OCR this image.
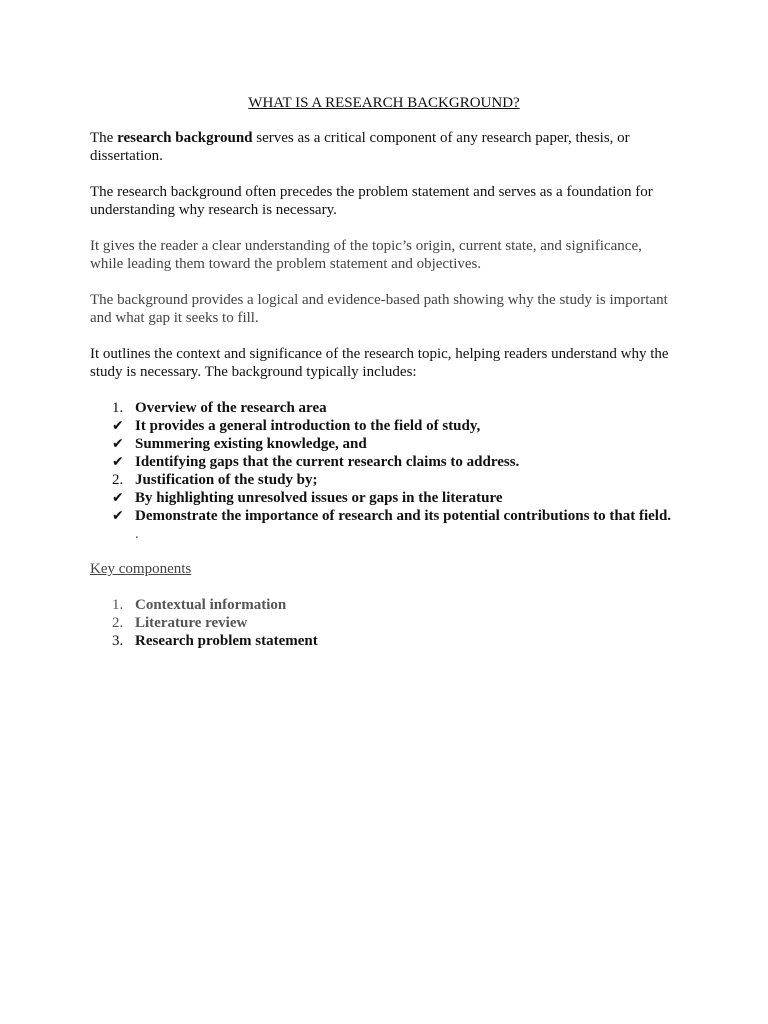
WHAT IS A RESEARCH BACKGROUND?

The research background serves as a critical component of any research paper, thesis, or dissertation.

The research background often precedes the problem statement and serves as a foundation for understanding why research is necessary.

It gives the reader a clear understanding of the topic’s origin, current state, and significance, while leading them toward the problem statement and objectives.

The background provides a logical and evidence-based path showing why the study is important and what gap it seeks to fill.

It outlines the context and significance of the research topic, helping readers understand why the study is necessary. The background typically includes:

1. Overview of the research area
✔ It provides a general introduction to the field of study,
✔ Summering existing knowledge, and
✔ Identifying gaps that the current research claims to address.
2. Justification of the study by;
✔ By highlighting unresolved issues or gaps in the literature
✔ Demonstrate the importance of research and its potential contributions to that field.
.
Key components
1. Contextual information
2. Literature review
3. Research problem statement
